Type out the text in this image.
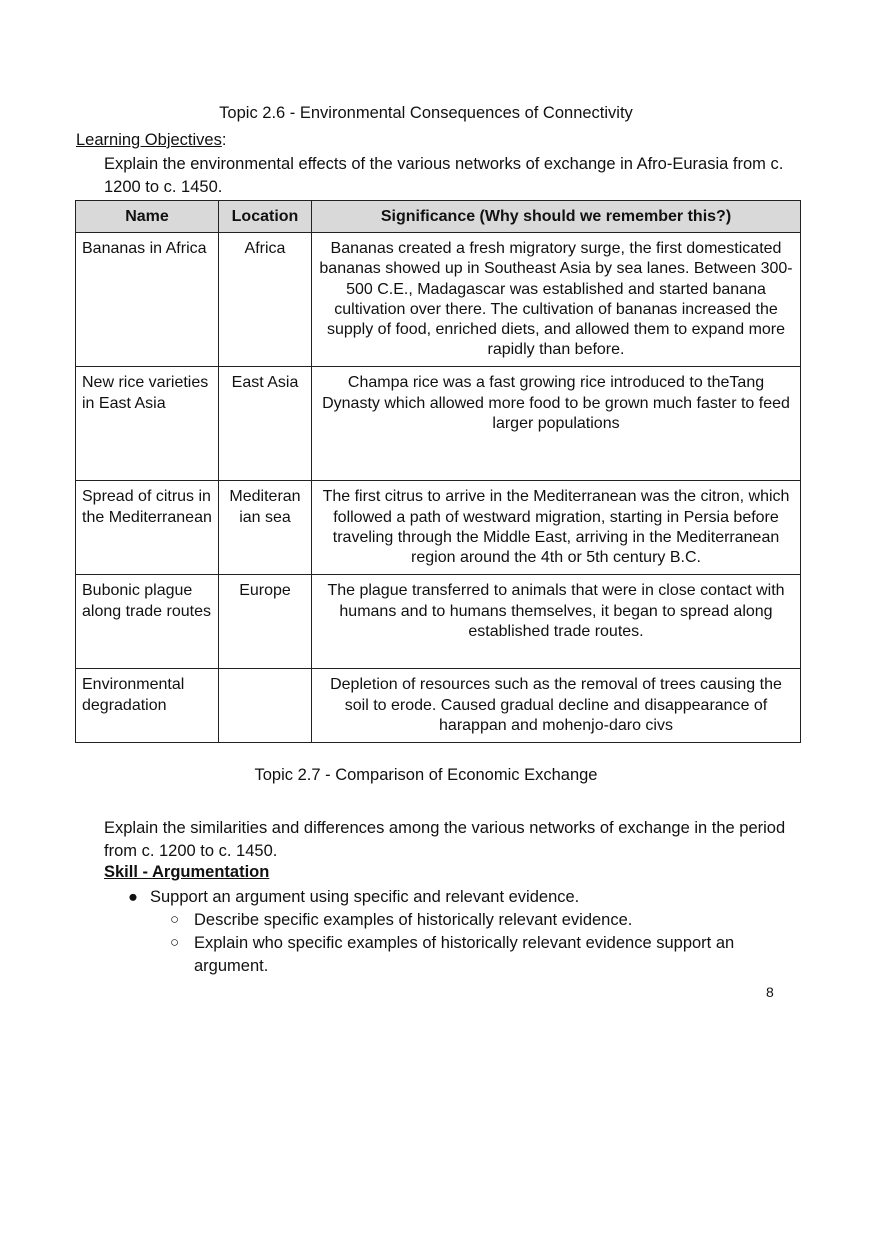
Topic 2.6 - Environmental Consequences of Connectivity
Learning Objectives:
Explain the environmental effects of the various networks of exchange in Afro-Eurasia from c. 1200 to c. 1450.
Name	Location	Significance (Why should we remember this?)
Bananas in Africa	Africa	Bananas created a fresh migratory surge, the first domesticated bananas showed up in Southeast Asia by sea lanes. Between 300-500 C.E., Madagascar was established and started banana cultivation over there. The cultivation of bananas increased the supply of food, enriched diets, and allowed them to expand more rapidly than before.
New rice varieties in East Asia	East Asia	Champa rice was a fast growing rice introduced to theTang Dynasty which allowed more food to be grown much faster to feed larger populations
Spread of citrus in the Mediterranean	Mediteran ian sea	The first citrus to arrive in the Mediterranean was the citron, which followed a path of westward migration, starting in Persia before traveling through the Middle East, arriving in the Mediterranean region around the 4th or 5th century B.C.
Bubonic plague along trade routes	Europe	The plague transferred to animals that were in close contact with humans and to humans themselves, it began to spread along established trade routes.
Environmental degradation		Depletion of resources such as the removal of trees causing the soil to erode. Caused gradual decline and disappearance of harappan and mohenjo-daro civs
Topic 2.7 - Comparison of Economic Exchange
Explain the similarities and differences among the various networks of exchange in the period from c. 1200 to c. 1450.
Skill - Argumentation
● Support an argument using specific and relevant evidence.
○ Describe specific examples of historically relevant evidence.
○ Explain who specific examples of historically relevant evidence support an argument.
8
